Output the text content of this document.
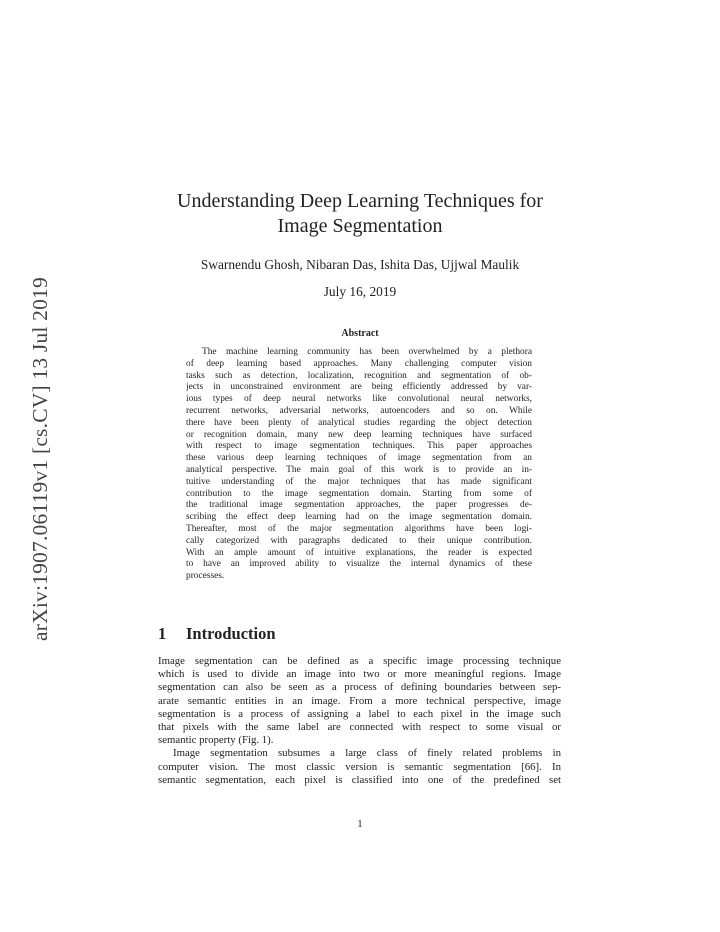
arXiv:1907.06119v1 [cs.CV] 13 Jul 2019
Understanding Deep Learning Techniques for
Image Segmentation
Swarnendu Ghosh, Nibaran Das, Ishita Das, Ujjwal Maulik
July 16, 2019
Abstract
The machine learning community has been overwhelmed by a plethora
of deep learning based approaches. Many challenging computer vision
tasks such as detection, localization, recognition and segmentation of ob-
jects in unconstrained environment are being efficiently addressed by var-
ious types of deep neural networks like convolutional neural networks,
recurrent networks, adversarial networks, autoencoders and so on. While
there have been plenty of analytical studies regarding the object detection
or recognition domain, many new deep learning techniques have surfaced
with respect to image segmentation techniques. This paper approaches
these various deep learning techniques of image segmentation from an
analytical perspective. The main goal of this work is to provide an in-
tuitive understanding of the major techniques that has made significant
contribution to the image segmentation domain. Starting from some of
the traditional image segmentation approaches, the paper progresses de-
scribing the effect deep learning had on the image segmentation domain.
Thereafter, most of the major segmentation algorithms have been logi-
cally categorized with paragraphs dedicated to their unique contribution.
With an ample amount of intuitive explanations, the reader is expected
to have an improved ability to visualize the internal dynamics of these
processes.
1 Introduction
Image segmentation can be defined as a specific image processing technique
which is used to divide an image into two or more meaningful regions. Image
segmentation can also be seen as a process of defining boundaries between sep-
arate semantic entities in an image. From a more technical perspective, image
segmentation is a process of assigning a label to each pixel in the image such
that pixels with the same label are connected with respect to some visual or
semantic property (Fig. 1).
Image segmentation subsumes a large class of finely related problems in
computer vision. The most classic version is semantic segmentation [66]. In
semantic segmentation, each pixel is classified into one of the predefined set
1
